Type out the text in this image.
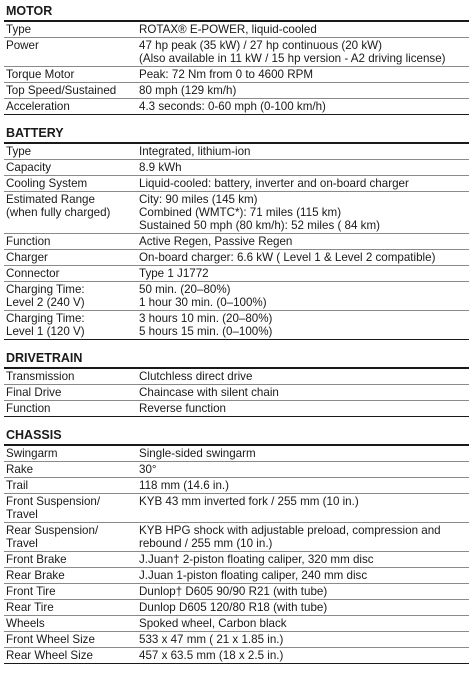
MOTOR
Type	ROTAX® E-POWER, liquid-cooled
Power	47 hp peak (35 kW) / 27 hp continuous (20 kW)
(Also available in 11 kW / 15 hp version - A2 driving license)
Torque Motor	Peak: 72 Nm from 0 to 4600 RPM
Top Speed/Sustained	80 mph (129 km/h)
Acceleration	4.3 seconds: 0-60 mph (0-100 km/h)
BATTERY
Type	Integrated, lithium-ion
Capacity	8.9 kWh
Cooling System	Liquid-cooled: battery, inverter and on-board charger
Estimated Range
(when fully charged)	City: 90 miles (145 km)
Combined (WMTC*): 71 miles (115 km)
Sustained 50 mph (80 km/h): 52 miles ( 84 km)
Function	Active Regen, Passive Regen
Charger	On-board charger: 6.6 kW ( Level 1 & Level 2 compatible)
Connector	Type 1 J1772
Charging Time:
Level 2 (240 V)	50 min. (20–80%)
1 hour 30 min. (0–100%)
Charging Time:
Level 1 (120 V)	3 hours 10 min. (20–80%)
5 hours 15 min. (0–100%)
DRIVETRAIN
Transmission	Clutchless direct drive
Final Drive	Chaincase with silent chain
Function	Reverse function
CHASSIS
Swingarm	Single-sided swingarm
Rake	30°
Trail	118 mm (14.6 in.)
Front Suspension/
Travel	KYB 43 mm inverted fork / 255 mm (10 in.)
Rear Suspension/
Travel	KYB HPG shock with adjustable preload, compression and
rebound / 255 mm (10 in.)
Front Brake	J.Juan† 2-piston floating caliper, 320 mm disc
Rear Brake	J.Juan 1-piston floating caliper, 240 mm disc
Front Tire	Dunlop† D605 90/90 R21 (with tube)
Rear Tire	Dunlop D605 120/80 R18 (with tube)
Wheels	Spoked wheel, Carbon black
Front Wheel Size	533 x 47 mm ( 21 x 1.85 in.)
Rear Wheel Size	457 x 63.5 mm (18 x 2.5 in.)
